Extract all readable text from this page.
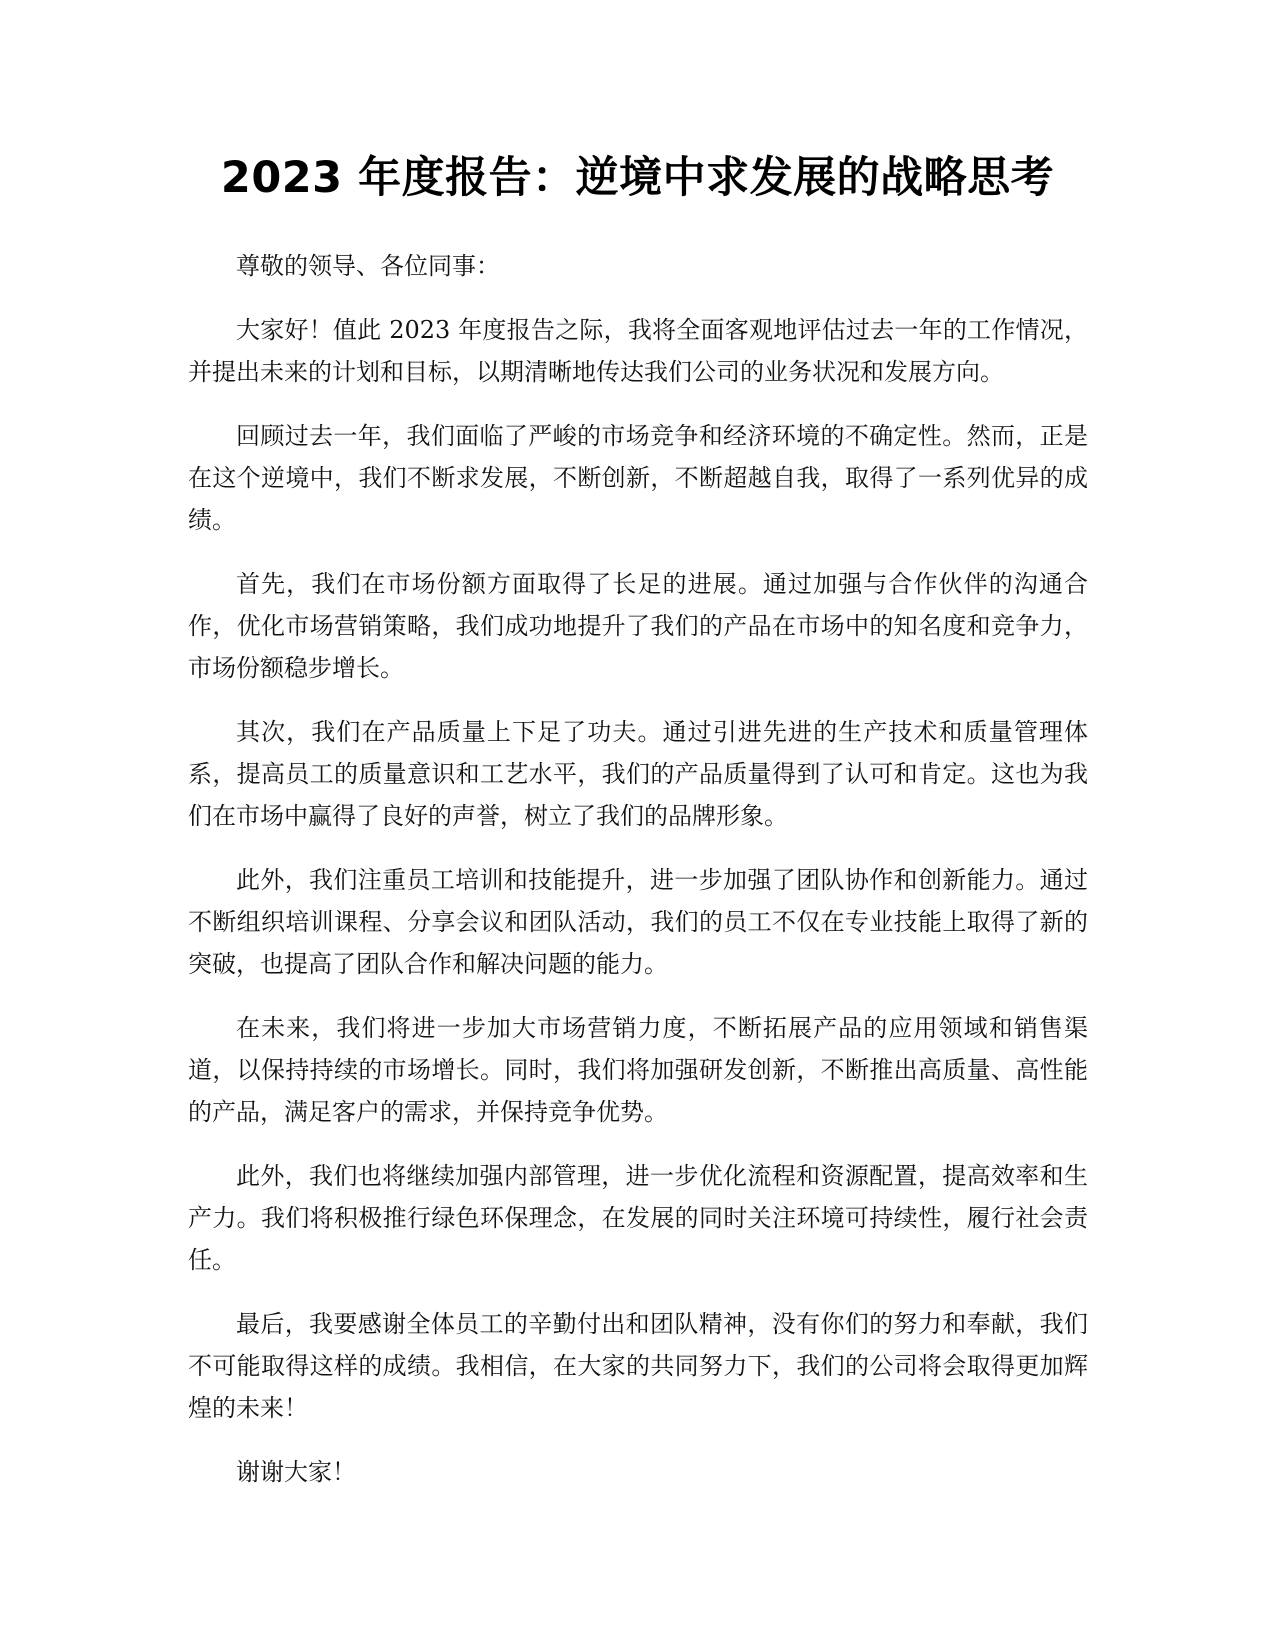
2023 年度报告：逆境中求发展的战略思考

尊敬的领导、各位同事：

大家好！值此 2023 年度报告之际，我将全面客观地评估过去一年的工作情况，并提出未来的计划和目标，以期清晰地传达我们公司的业务状况和发展方向。

回顾过去一年，我们面临了严峻的市场竞争和经济环境的不确定性。然而，正是在这个逆境中，我们不断求发展，不断创新，不断超越自我，取得了一系列优异的成绩。

首先，我们在市场份额方面取得了长足的进展。通过加强与合作伙伴的沟通合作，优化市场营销策略，我们成功地提升了我们的产品在市场中的知名度和竞争力，市场份额稳步增长。

其次，我们在产品质量上下足了功夫。通过引进先进的生产技术和质量管理体系，提高员工的质量意识和工艺水平，我们的产品质量得到了认可和肯定。这也为我们在市场中赢得了良好的声誉，树立了我们的品牌形象。

此外，我们注重员工培训和技能提升，进一步加强了团队协作和创新能力。通过不断组织培训课程、分享会议和团队活动，我们的员工不仅在专业技能上取得了新的突破，也提高了团队合作和解决问题的能力。

在未来，我们将进一步加大市场营销力度，不断拓展产品的应用领域和销售渠道，以保持持续的市场增长。同时，我们将加强研发创新，不断推出高质量、高性能的产品，满足客户的需求，并保持竞争优势。

此外，我们也将继续加强内部管理，进一步优化流程和资源配置，提高效率和生产力。我们将积极推行绿色环保理念，在发展的同时关注环境可持续性，履行社会责任。

最后，我要感谢全体员工的辛勤付出和团队精神，没有你们的努力和奉献，我们不可能取得这样的成绩。我相信，在大家的共同努力下，我们的公司将会取得更加辉煌的未来！

谢谢大家！
